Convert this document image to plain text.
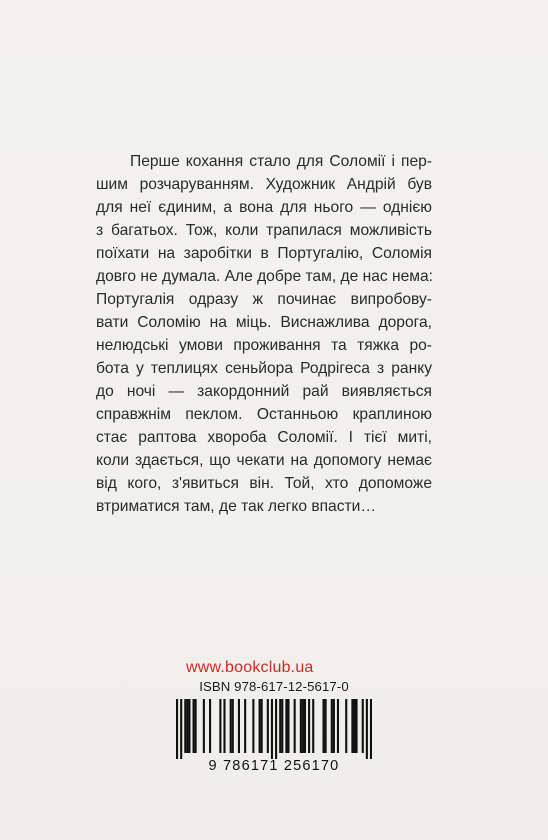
Перше кохання стало для Соломії і пер-
шим розчаруванням. Художник Андрій був
для неї єдиним, а вона для нього — однією
з багатьох. Тож, коли трапилася можливість
поїхати на заробітки в Португалію, Соломія
довго не думала. Але добре там, де нас нема:
Португалія одразу ж починає випробову-
вати Соломію на міць. Виснажлива дорога,
нелюдські умови проживання та тяжка ро-
бота у теплицях сеньйора Родрігеса з ранку
до ночі — закордонний рай виявляється
справжнім пеклом. Останньою краплиною
стає раптова хвороба Соломії. І тієї миті,
коли здається, що чекати на допомогу немає
від кого, з'явиться він. Той, хто допоможе
втриматися там, де так легко впасти…
www.bookclub.ua
ISBN 978-617-12-5617-0
9 786171 256170
